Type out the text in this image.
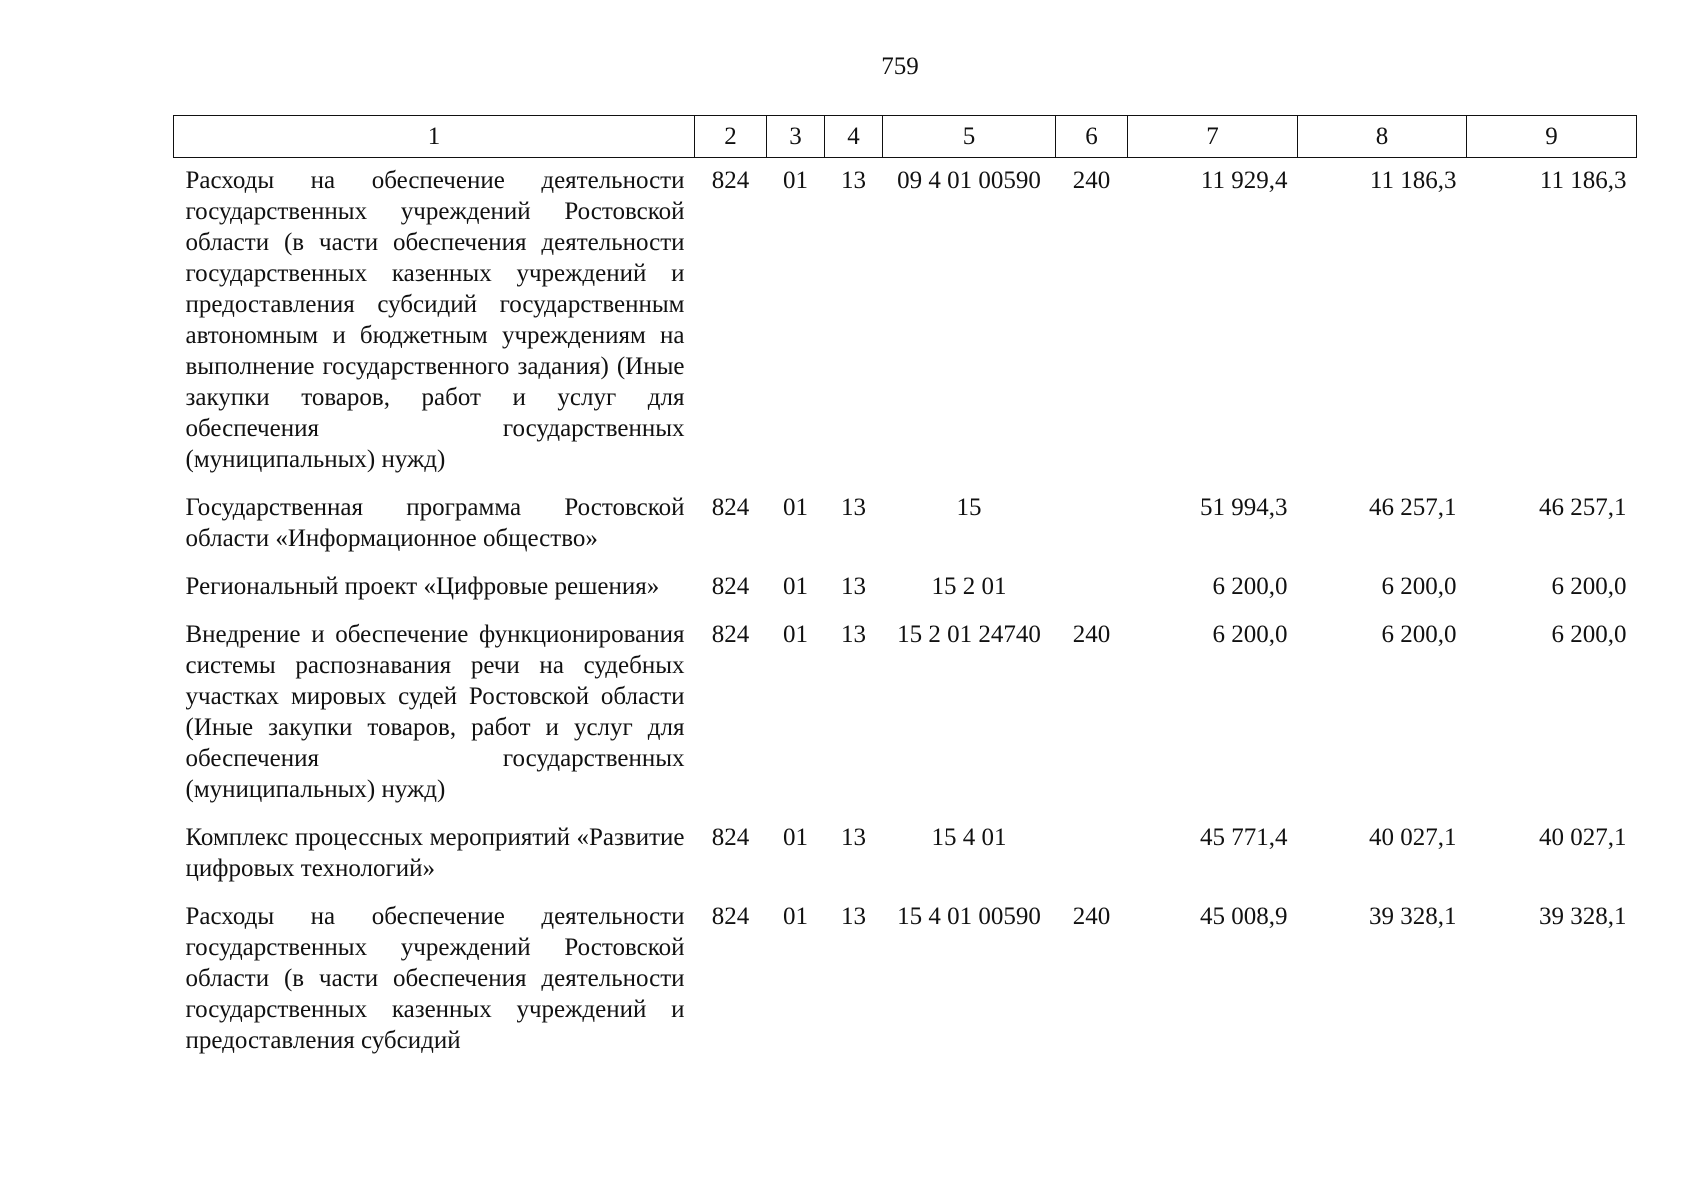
759
1	2	3	4	5	6	7	8	9
Расходы на обеспечение деятельности государственных учреждений Ростовской области (в части обеспечения деятельности государственных казенных учреждений и предоставления субсидий государственным автономным и бюджетным учреждениям на выполнение государственного задания) (Иные закупки товаров, работ и услуг для обеспечения государственных (муниципальных) нужд)	824	01	13	09 4 01 00590	240	11 929,4	11 186,3	11 186,3
Государственная программа Ростовской области «Информационное общество»	824	01	13	15		51 994,3	46 257,1	46 257,1
Региональный проект «Цифровые решения»	824	01	13	15 2 01		6 200,0	6 200,0	6 200,0
Внедрение и обеспечение функционирования системы распознавания речи на судебных участках мировых судей Ростовской области (Иные закупки товаров, работ и услуг для обеспечения государственных (муниципальных) нужд)	824	01	13	15 2 01 24740	240	6 200,0	6 200,0	6 200,0
Комплекс процессных мероприятий «Развитие цифровых технологий»	824	01	13	15 4 01		45 771,4	40 027,1	40 027,1
Расходы на обеспечение деятельности государственных учреждений Ростовской области (в части обеспечения деятельности государственных казенных учреждений и предоставления субсидий	824	01	13	15 4 01 00590	240	45 008,9	39 328,1	39 328,1
